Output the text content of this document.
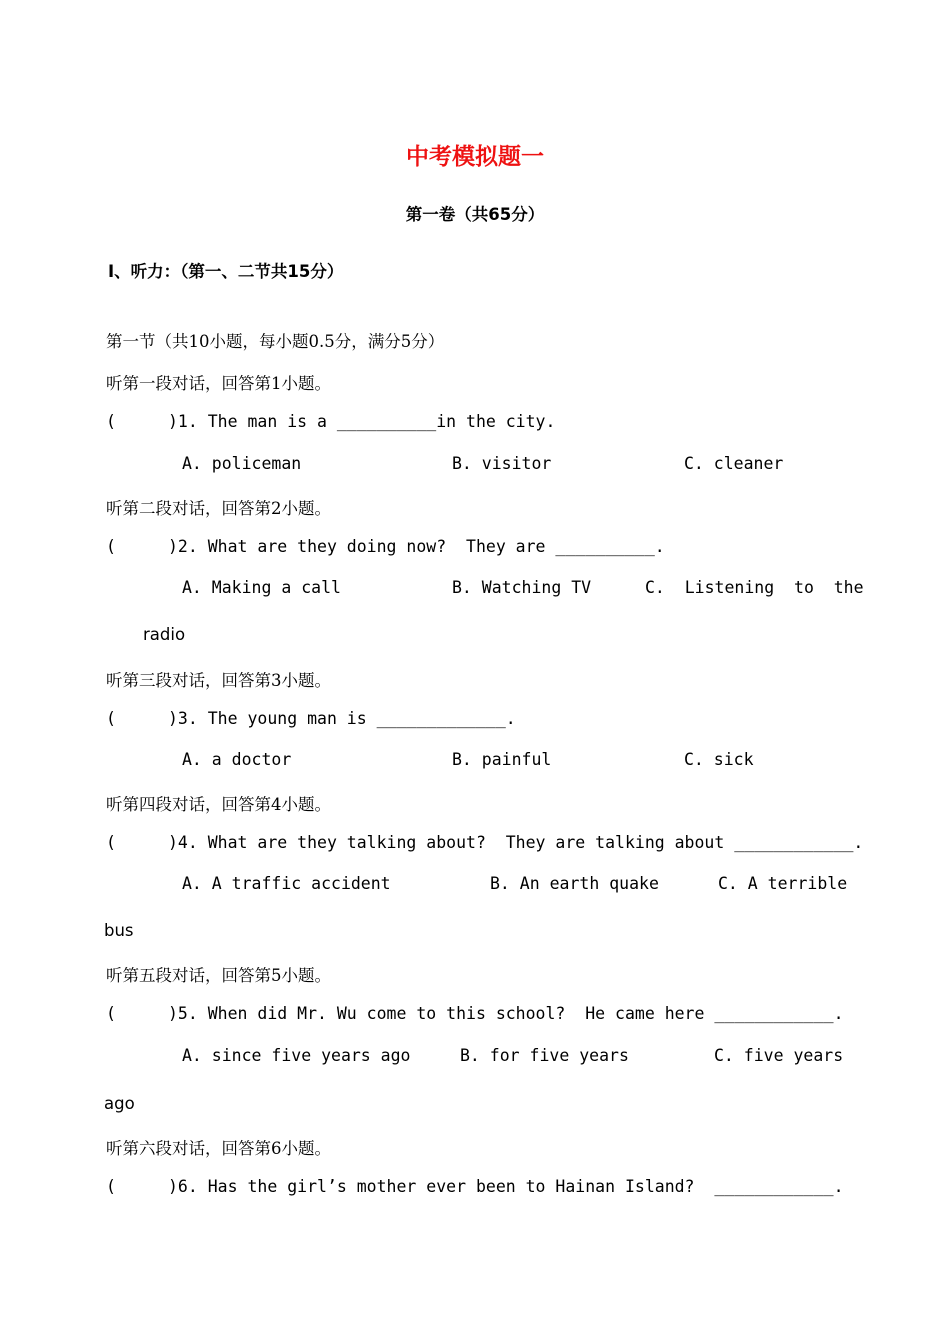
中考模拟题一
第一卷（共65分）
Ⅰ、听力：（第一、二节共15分）
第一节（共10小题，每小题0.5分，满分5分）
听第一段对话，回答第1小题。
(	)1. The man is a __________in the city.
A. policeman	B. visitor	C. cleaner
听第二段对话，回答第2小题。
(	)2. What are they doing now?  They are __________.
A. Making a call	B. Watching TV	C.  Listening  to  the
radio
听第三段对话，回答第3小题。
(	)3. The young man is _____________.
A. a doctor	B. painful	C. sick
听第四段对话，回答第4小题。
(	)4. What are they talking about?  They are talking about ____________.
A. A traffic accident	B. An earth quake	C. A terrible
bus
听第五段对话，回答第5小题。
(	)5. When did Mr. Wu come to this school?  He came here ____________.
A. since five years ago	B. for five years	C. five years
ago
听第六段对话，回答第6小题。
(	)6. Has the girl’s mother ever been to Hainan Island?  ____________.
